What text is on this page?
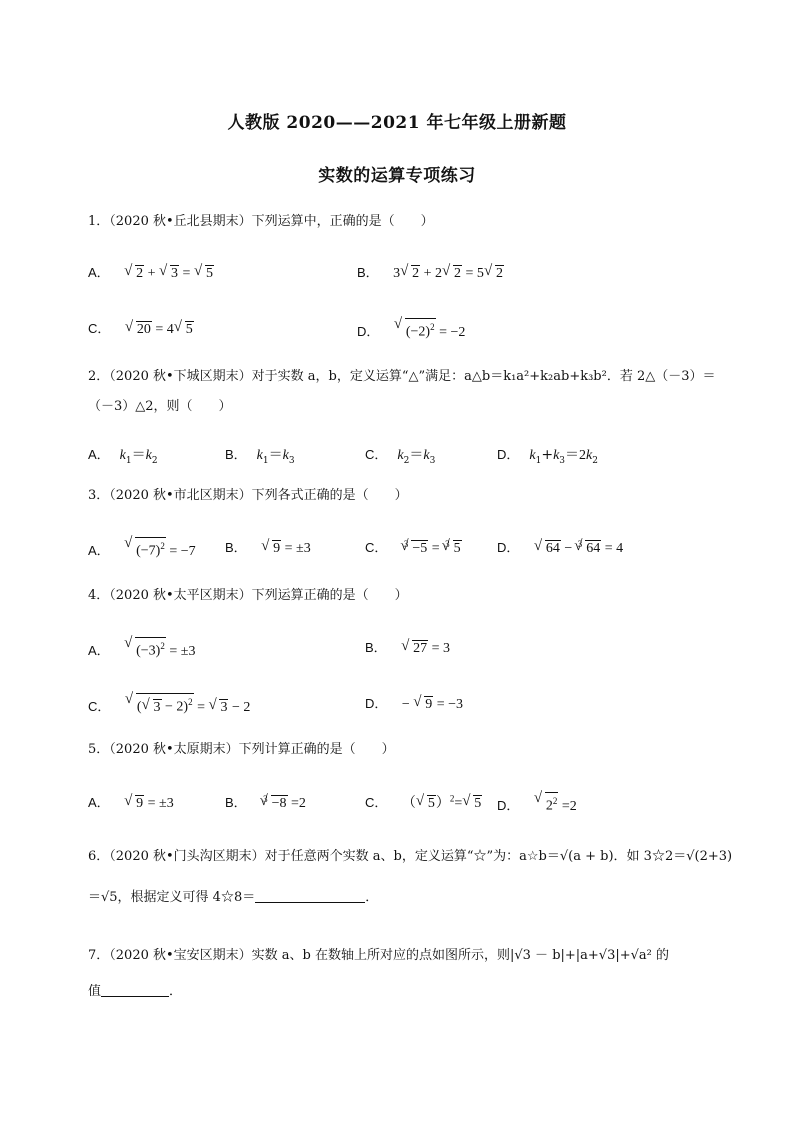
人教版 2020——2021 年七年级上册新题
实数的运算专项练习
1．（2020 秋•丘北县期末）下列运算中，正确的是（　　）
A． √ 2 + √ 3 = √ 5	B． 3 √ 2 + 2 √ 2 = 5 √ 2
C． √ 20 = 4 √ 5	D． √ $(-2)^2 = -2$
2．（2020 秋•下城区期末）对于实数 a，b，定义运算“△”满足：a△b＝k₁a²+k₂ab+k₃b²．若 2△（－3）＝
（－3）△2，则（　　）
A． $k_1=k_2$	B． $k_1=k_3$	C． $k_2=k_3$	D． $k_1+k_3=2k_2$
3．（2020 秋•市北区期末）下列各式正确的是（　　）
A． √ $(-7)^2 = -7$ B． √ 9 = ±3	C． $^3$ √ −5 = $^3$ √ 5	D． √ 64 − $^3$ √ 64 = 4
4．（2020 秋•太平区期末）下列运算正确的是（　　）
A． √ $(-3)^2 = \pm 3$	B． √ 27 = 3
C． √ ( √ 3 − 2)$^2$ = √ 3 − 2	D． − √ 9 = −3
5．（2020 秋•太原期末）下列计算正确的是（　　）
A． √ 9 = ±3	B． $^3$ √ −8 =2	C． （ √ 5）$^2$= √ 5 D． √ $2^2 =2$
6．（2020 秋•门头沟区期末）对于任意两个实数 a、b，定义运算“☆”为：a☆b＝√(a + b)．如 3☆2＝√(2+3)
＝√5，根据定义可得 4☆8＝	．
7．（2020 秋•宝安区期末）实数 a、b 在数轴上所对应的点如图所示，则|√3 － b|+|a+√3|+√a² 的
值	．
